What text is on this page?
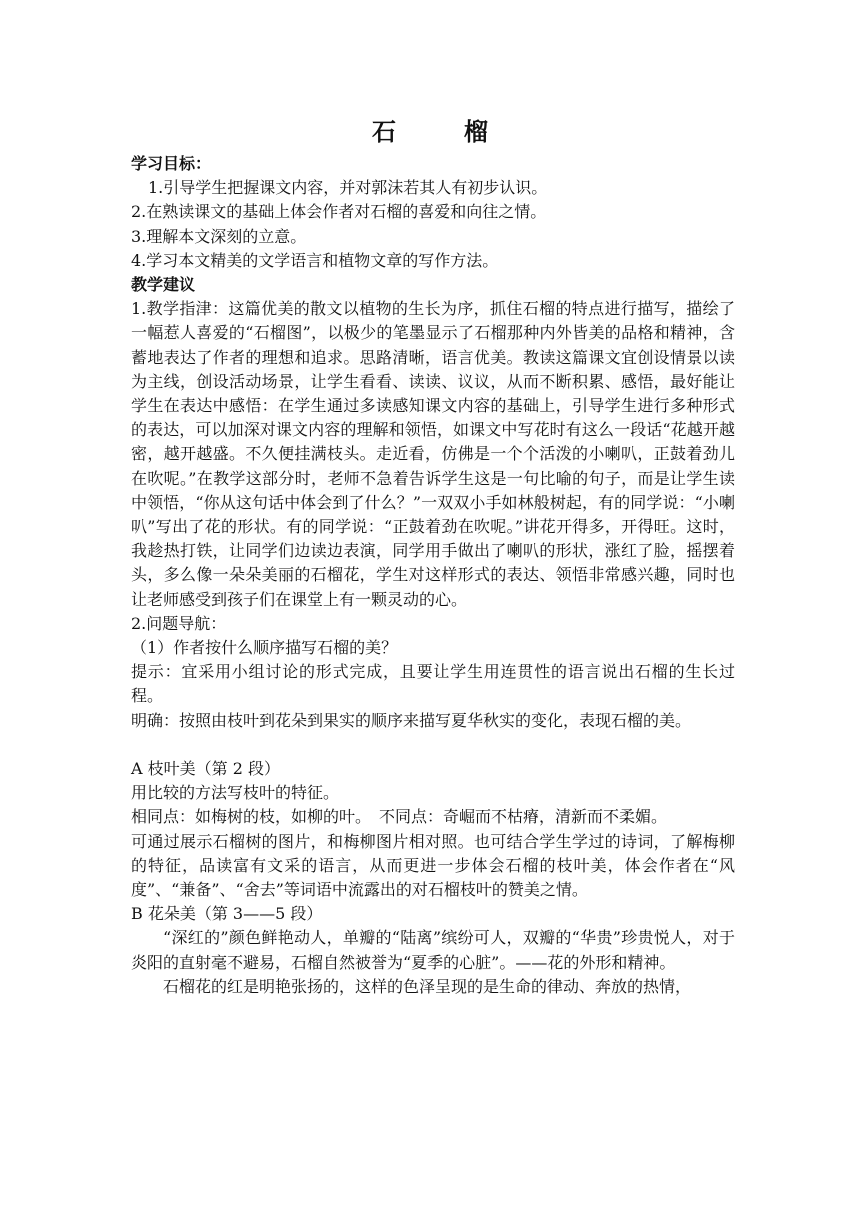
石　榴
学习目标：
1.引导学生把握课文内容，并对郭沫若其人有初步认识。
2.在熟读课文的基础上体会作者对石榴的喜爱和向往之情。
3.理解本文深刻的立意。
4.学习本文精美的文学语言和植物文章的写作方法。
教学建议
1.教学指津：这篇优美的散文以植物的生长为序，抓住石榴的特点进行描写，描绘了一幅惹人喜爱的“石榴图”，以极少的笔墨显示了石榴那种内外皆美的品格和精神，含蓄地表达了作者的理想和追求。思路清晰，语言优美。教读这篇课文宜创设情景以读为主线，创设活动场景，让学生看看、读读、议议，从而不断积累、感悟，最好能让学生在表达中感悟：在学生通过多读感知课文内容的基础上，引导学生进行多种形式的表达，可以加深对课文内容的理解和领悟，如课文中写花时有这么一段话“花越开越密，越开越盛。不久便挂满枝头。走近看，仿佛是一个个活泼的小喇叭，正鼓着劲儿在吹呢。”在教学这部分时，老师不急着告诉学生这是一句比喻的句子，而是让学生读中领悟，“你从这句话中体会到了什么？”一双双小手如林般树起，有的同学说：“小喇叭”写出了花的形状。有的同学说：“正鼓着劲在吹呢。”讲花开得多，开得旺。这时，我趁热打铁，让同学们边读边表演，同学用手做出了喇叭的形状，涨红了脸，摇摆着头，多么像一朵朵美丽的石榴花，学生对这样形式的表达、领悟非常感兴趣，同时也让老师感受到孩子们在课堂上有一颗灵动的心。
2.问题导航：
（1）作者按什么顺序描写石榴的美？
提示：宜采用小组讨论的形式完成，且要让学生用连贯性的语言说出石榴的生长过程。
明确：按照由枝叶到花朵到果实的顺序来描写夏华秋实的变化，表现石榴的美。
A 枝叶美（第 2 段）
用比较的方法写枝叶的特征。
相同点：如梅树的枝，如柳的叶。　不同点：奇崛而不枯瘠，清新而不柔媚。
可通过展示石榴树的图片，和梅柳图片相对照。也可结合学生学过的诗词，了解梅柳的特征，品读富有文采的语言，从而更进一步体会石榴的枝叶美，体会作者在“风度”、“兼备”、“舍去”等词语中流露出的对石榴枝叶的赞美之情。
B 花朵美（第 3——5 段）
“深红的”颜色鲜艳动人，单瓣的“陆离”缤纷可人，双瓣的“华贵”珍贵悦人，对于炎阳的直射毫不避易，石榴自然被誉为“夏季的心脏”。——花的外形和精神。
石榴花的红是明艳张扬的，这样的色泽呈现的是生命的律动、奔放的热情，
